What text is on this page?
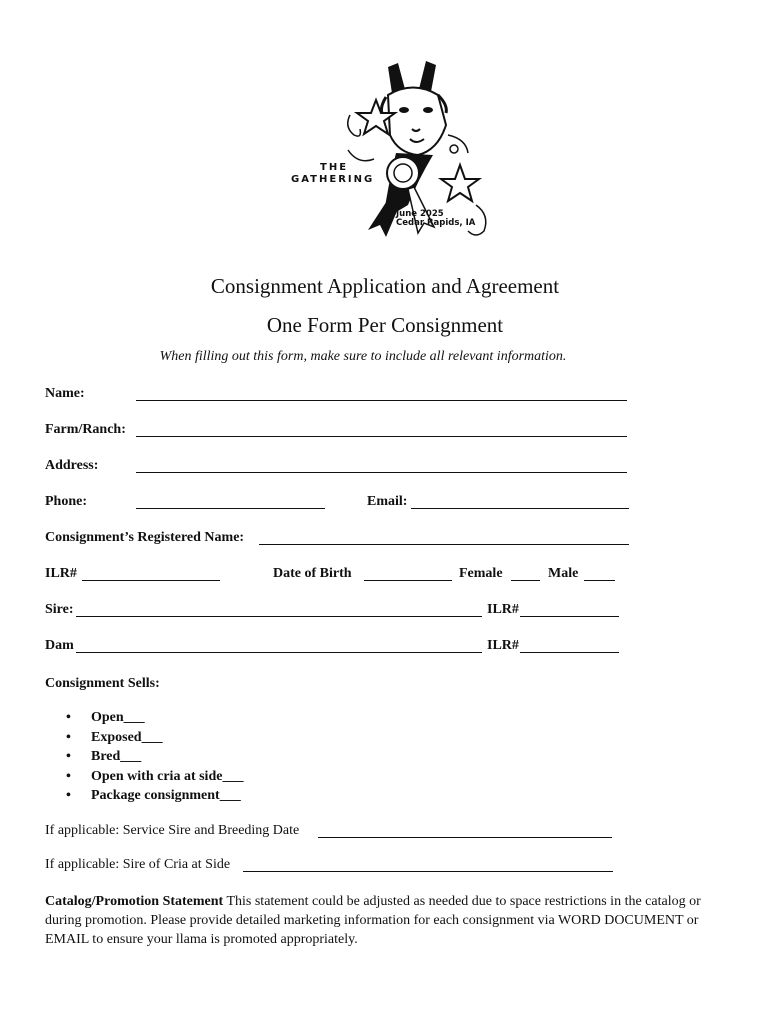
THE
GATHERING
June 2025
Cedar Rapids, IA
Consignment Application and Agreement
One Form Per Consignment
When filling out this form, make sure to include all relevant information.
Name:
Farm/Ranch:
Address:
Phone:	Email:
Consignment’s Registered Name:
ILR#	Date of Birth	Female	Male
Sire:	ILR#
Dam	ILR#
Consignment Sells:
•	Open___
•	Exposed___
•	Bred___
•	Open with cria at side___
•	Package consignment___
If applicable: Service Sire and Breeding Date
If applicable: Sire of Cria at Side
Catalog/Promotion Statement This statement could be adjusted as needed due to space restrictions in the catalog or during promotion. Please provide detailed marketing information for each consignment via WORD DOCUMENT or EMAIL to ensure your llama is promoted appropriately.
